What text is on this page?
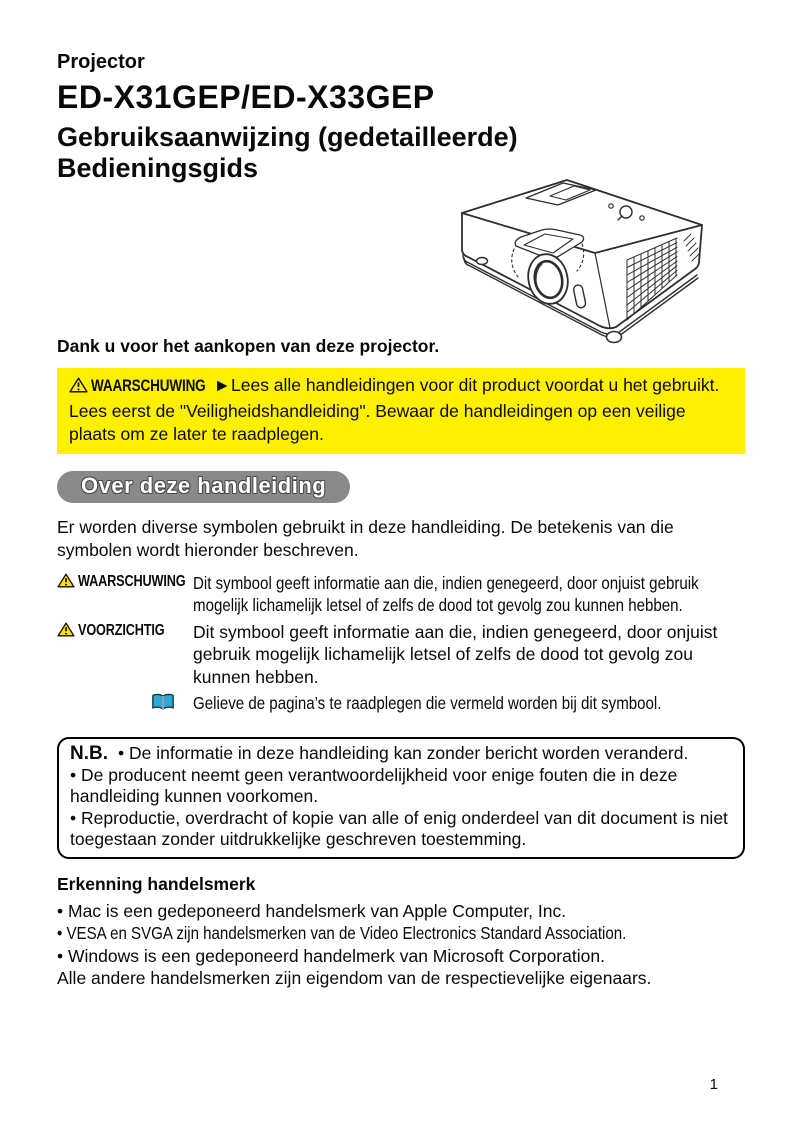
Projector
ED-X31GEP/ED-X33GEP
Gebruiksaanwijzing (gedetailleerde)
Bedieningsgids

Dank u voor het aankopen van deze projector.

WAARSCHUWING ►Lees alle handleidingen voor dit product voordat u het gebruikt. Lees eerst de "Veiligheidshandleiding". Bewaar de handleidingen op een veilige plaats om ze later te raadplegen.
Over deze handleiding

Er worden diverse symbolen gebruikt in deze handleiding. De betekenis van die symbolen wordt hieronder beschreven.

WAARSCHUWING Dit symbool geeft informatie aan die, indien genegeerd, door onjuist gebruik mogelijk lichamelijk letsel of zelfs de dood tot gevolg zou kunnen hebben.
VOORZICHTIG	Dit symbool geeft informatie aan die, indien genegeerd, door onjuist gebruik mogelijk lichamelijk letsel of zelfs de dood tot gevolg zou kunnen hebben.
Gelieve de pagina’s te raadplegen die vermeld worden bij dit symbool.
N.B. • De informatie in deze handleiding kan zonder bericht worden veranderd.
• De producent neemt geen verantwoordelijkheid voor enige fouten die in deze handleiding kunnen voorkomen.
• Reproductie, overdracht of kopie van alle of enig onderdeel van dit document is niet toegestaan zonder uitdrukkelijke geschreven toestemming.
Erkenning handelsmerk
• Mac is een gedeponeerd handelsmerk van Apple Computer, Inc.
• VESA en SVGA zijn handelsmerken van de Video Electronics Standard Association.
• Windows is een gedeponeerd handelmerk van Microsoft Corporation.
Alle andere handelsmerken zijn eigendom van de respectievelijke eigenaars.
1
